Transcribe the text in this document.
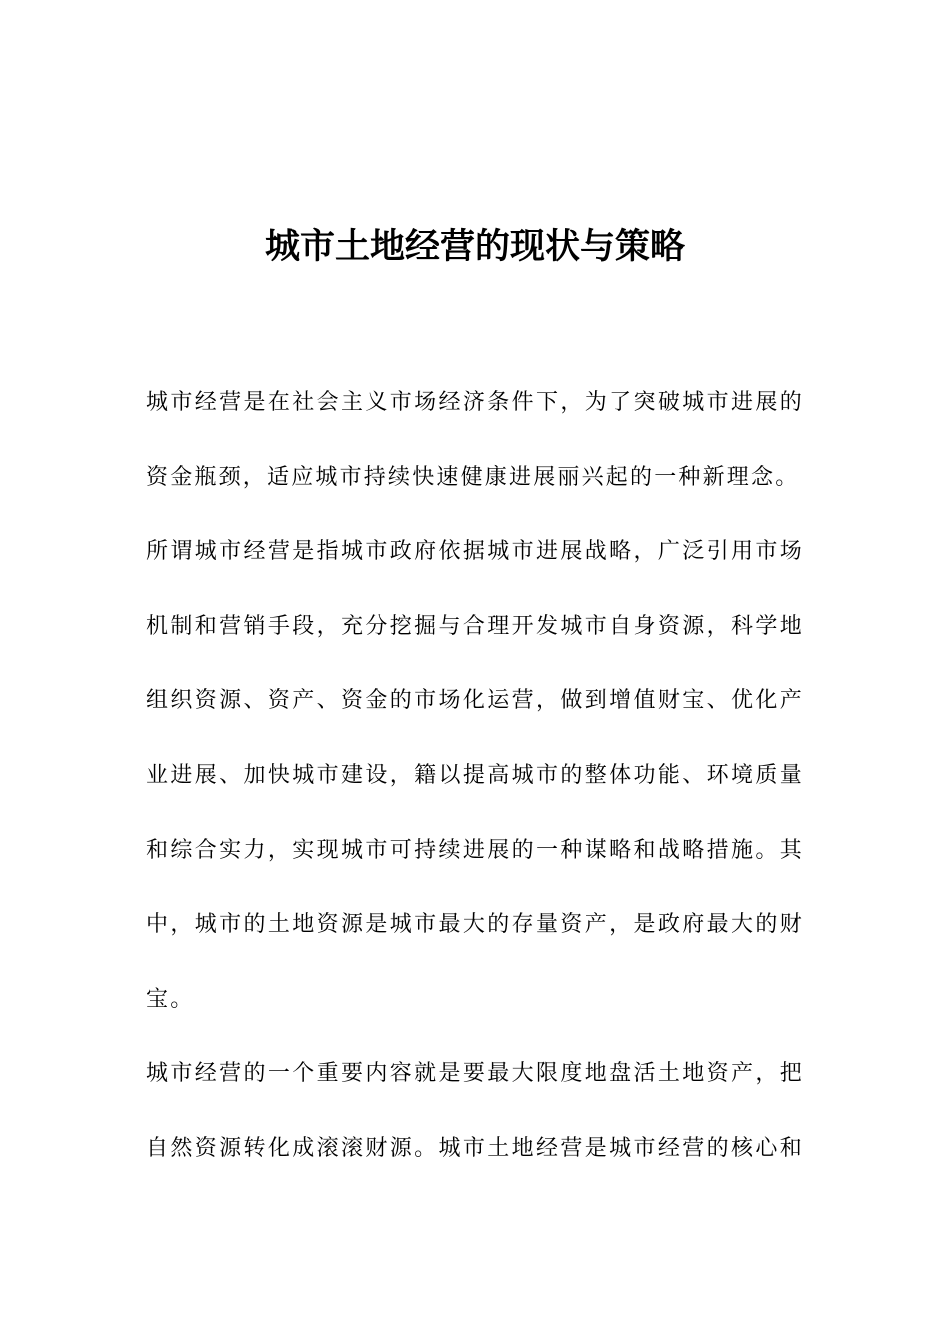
城市土地经营的现状与策略
城市经营是在社会主义市场经济条件下，为了突破城市进展的
资金瓶颈，适应城市持续快速健康进展丽兴起的一种新理念。
所谓城市经营是指城市政府依据城市进展战略，广泛引用市场
机制和营销手段，充分挖掘与合理开发城市自身资源，科学地
组织资源、资产、资金的市场化运营，做到增值财宝、优化产
业进展、加快城市建设，籍以提高城市的整体功能、环境质量
和综合实力，实现城市可持续进展的一种谋略和战略措施。其
中，城市的土地资源是城市最大的存量资产，是政府最大的财
宝。
城市经营的一个重要内容就是要最大限度地盘活土地资产，把
自然资源转化成滚滚财源。城市土地经营是城市经营的核心和
